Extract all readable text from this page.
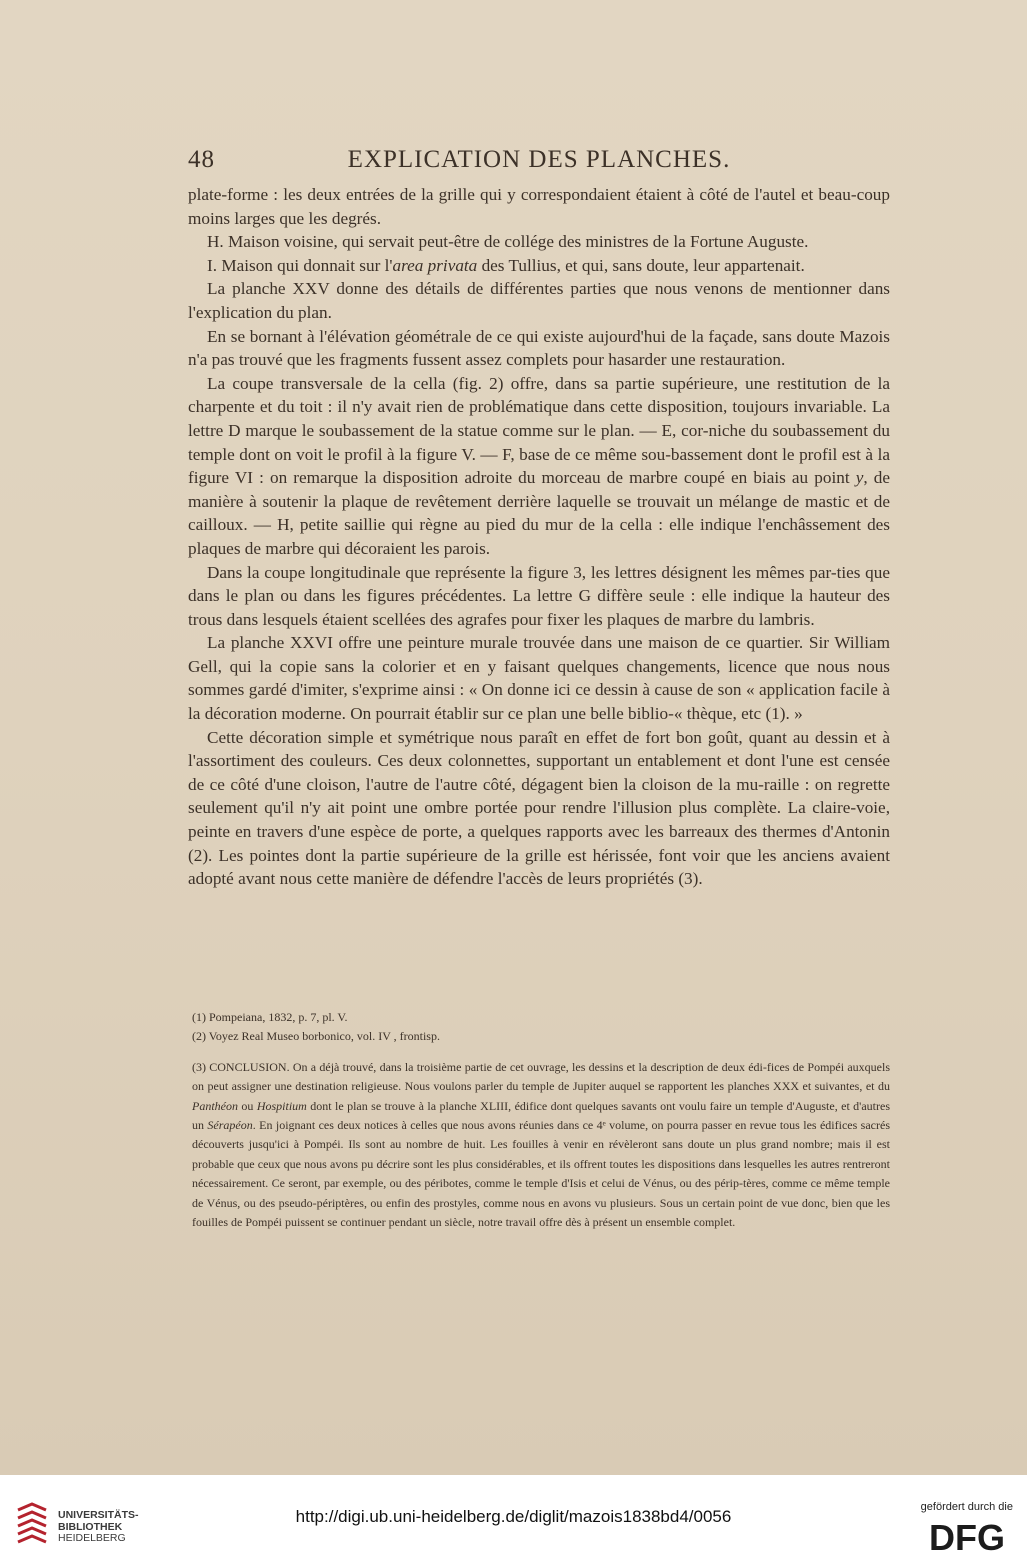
48	EXPLICATION DES PLANCHES.

plate-forme : les deux entrées de la grille qui y correspondaient étaient à côté de l'autel et beau-coup moins larges que les degrés.

H. Maison voisine, qui servait peut-être de collége des ministres de la Fortune Auguste.

I. Maison qui donnait sur l'area privata des Tullius, et qui, sans doute, leur appartenait.

La planche XXV donne des détails de différentes parties que nous venons de mentionner dans l'explication du plan.

En se bornant à l'élévation géométrale de ce qui existe aujourd'hui de la façade, sans doute Mazois n'a pas trouvé que les fragments fussent assez complets pour hasarder une restauration.

La coupe transversale de la cella (fig. 2) offre, dans sa partie supérieure, une restitution de la charpente et du toit : il n'y avait rien de problématique dans cette disposition, toujours invariable. La lettre D marque le soubassement de la statue comme sur le plan. — E, cor-niche du soubassement du temple dont on voit le profil à la figure V. — F, base de ce même sou-bassement dont le profil est à la figure VI : on remarque la disposition adroite du morceau de marbre coupé en biais au point y, de manière à soutenir la plaque de revêtement derrière laquelle se trouvait un mélange de mastic et de cailloux. — H, petite saillie qui règne au pied du mur de la cella : elle indique l'enchâssement des plaques de marbre qui décoraient les parois.

Dans la coupe longitudinale que représente la figure 3, les lettres désignent les mêmes par-ties que dans le plan ou dans les figures précédentes. La lettre G diffère seule : elle indique la hauteur des trous dans lesquels étaient scellées des agrafes pour fixer les plaques de marbre du lambris.

La planche XXVI offre une peinture murale trouvée dans une maison de ce quartier. Sir William Gell, qui la copie sans la colorier et en y faisant quelques changements, licence que nous nous sommes gardé d'imiter, s'exprime ainsi : « On donne ici ce dessin à cause de son « application facile à la décoration moderne. On pourrait établir sur ce plan une belle biblio-« thèque, etc (1). »

Cette décoration simple et symétrique nous paraît en effet de fort bon goût, quant au dessin et à l'assortiment des couleurs. Ces deux colonnettes, supportant un entablement et dont l'une est censée de ce côté d'une cloison, l'autre de l'autre côté, dégagent bien la cloison de la mu-raille : on regrette seulement qu'il n'y ait point une ombre portée pour rendre l'illusion plus complète. La claire-voie, peinte en travers d'une espèce de porte, a quelques rapports avec les barreaux des thermes d'Antonin (2). Les pointes dont la partie supérieure de la grille est hérissée, font voir que les anciens avaient adopté avant nous cette manière de défendre l'accès de leurs propriétés (3).

(1) Pompeiana, 1832, p. 7, pl. V.

(2) Voyez Real Museo borbonico, vol. IV , frontisp.

(3) CONCLUSION. On a déjà trouvé, dans la troisième partie de cet ouvrage, les dessins et la description de deux édi-fices de Pompéi auxquels on peut assigner une destination religieuse. Nous voulons parler du temple de Jupiter auquel se rapportent les planches XXX et suivantes, et du Panthéon ou Hospitium dont le plan se trouve à la planche XLIII, édifice dont quelques savants ont voulu faire un temple d'Auguste, et d'autres un Sérapéon. En joignant ces deux notices à celles que nous avons réunies dans ce 4ᵉ volume, on pourra passer en revue tous les édifices sacrés découverts jusqu'ici à Pompéi. Ils sont au nombre de huit. Les fouilles à venir en révèleront sans doute un plus grand nombre; mais il est probable que ceux que nous avons pu décrire sont les plus considérables, et ils offrent toutes les dispositions dans lesquelles les autres rentreront nécessairement. Ce seront, par exemple, ou des péribotes, comme le temple d'Isis et celui de Vénus, ou des périp-tères, comme ce même temple de Vénus, ou des pseudo-périptères, ou enfin des prostyles, comme nous en avons vu plusieurs. Sous un certain point de vue donc, bien que les fouilles de Pompéi puissent se continuer pendant un siècle, notre travail offre dès à présent un ensemble complet.

UNIVERSITÄTS-
BIBLIOTHEK
HEIDELBERG
http://digi.ub.uni-heidelberg.de/diglit/mazois1838bd4/0056	gefördert durch die
DFG
